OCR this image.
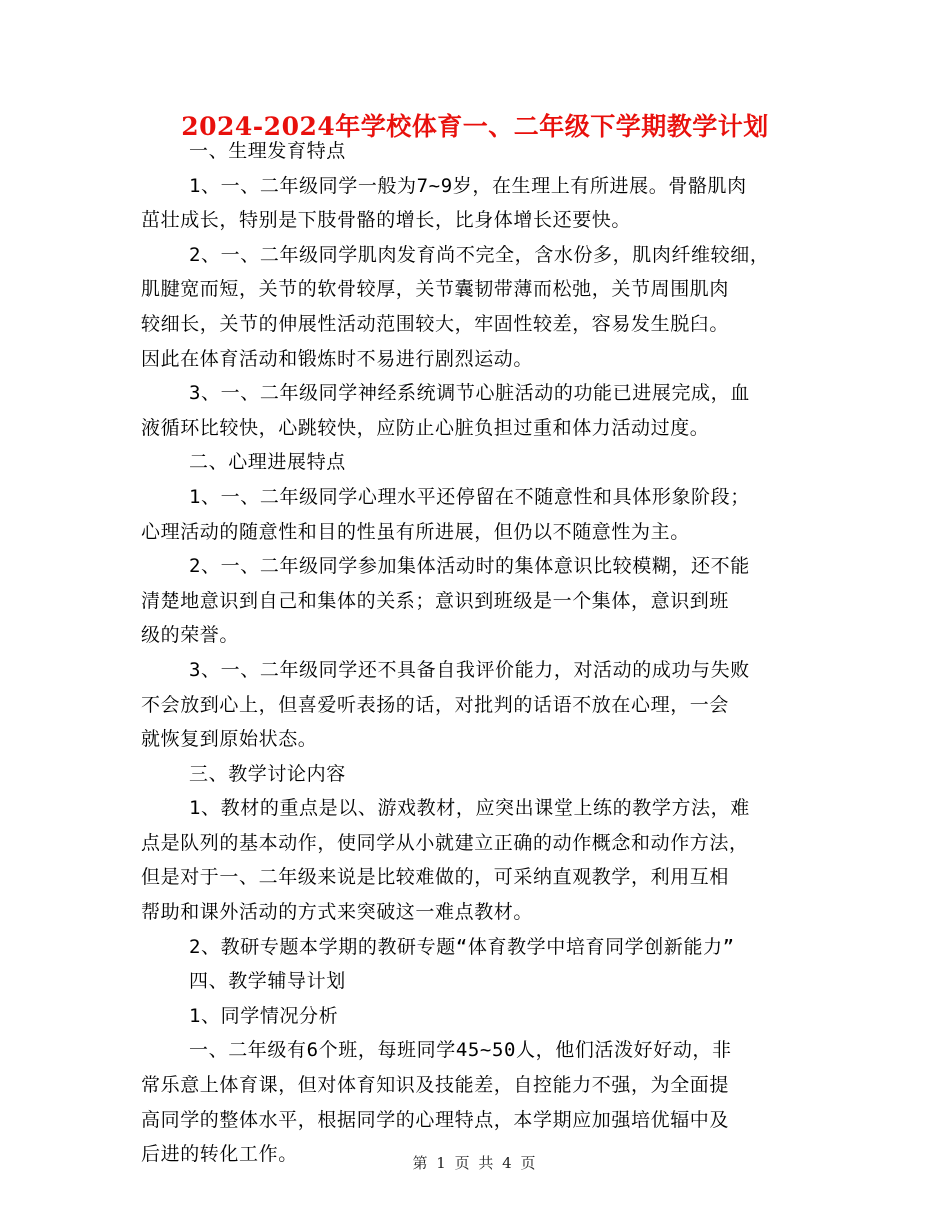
2024-2024年学校体育一、二年级下学期教学计划
一、生理发育特点
1、一、二年级同学一般为7~9岁，在生理上有所进展。骨骼肌肉
茁壮成长，特别是下肢骨骼的增长，比身体增长还要快。
2、一、二年级同学肌肉发育尚不完全，含水份多，肌肉纤维较细，
肌腱宽而短，关节的软骨较厚，关节囊韧带薄而松弛，关节周围肌肉
较细长，关节的伸展性活动范围较大，牢固性较差，容易发生脱臼。
因此在体育活动和锻炼时不易进行剧烈运动。
3、一、二年级同学神经系统调节心脏活动的功能已进展完成，血
液循环比较快，心跳较快，应防止心脏负担过重和体力活动过度。
二、心理进展特点
1、一、二年级同学心理水平还停留在不随意性和具体形象阶段；
心理活动的随意性和目的性虽有所进展，但仍以不随意性为主。
2、一、二年级同学参加集体活动时的集体意识比较模糊，还不能
清楚地意识到自己和集体的关系；意识到班级是一个集体，意识到班
级的荣誉。
3、一、二年级同学还不具备自我评价能力，对活动的成功与失败
不会放到心上，但喜爱听表扬的话，对批判的话语不放在心理，一会
就恢复到原始状态。
三、教学讨论内容
1、教材的重点是以、游戏教材，应突出课堂上练的教学方法，难
点是队列的基本动作，使同学从小就建立正确的动作概念和动作方法，
但是对于一、二年级来说是比较难做的，可采纳直观教学，利用互相
帮助和课外活动的方式来突破这一难点教材。
2、教研专题本学期的教研专题“体育教学中培育同学创新能力”
四、教学辅导计划
1、同学情况分析
一、二年级有6个班，每班同学45~50人，他们活泼好好动，非
常乐意上体育课，但对体育知识及技能差，自控能力不强，为全面提
高同学的整体水平，根据同学的心理特点，本学期应加强培优辐中及
后进的转化工作。	第 1 页 共 4 页
